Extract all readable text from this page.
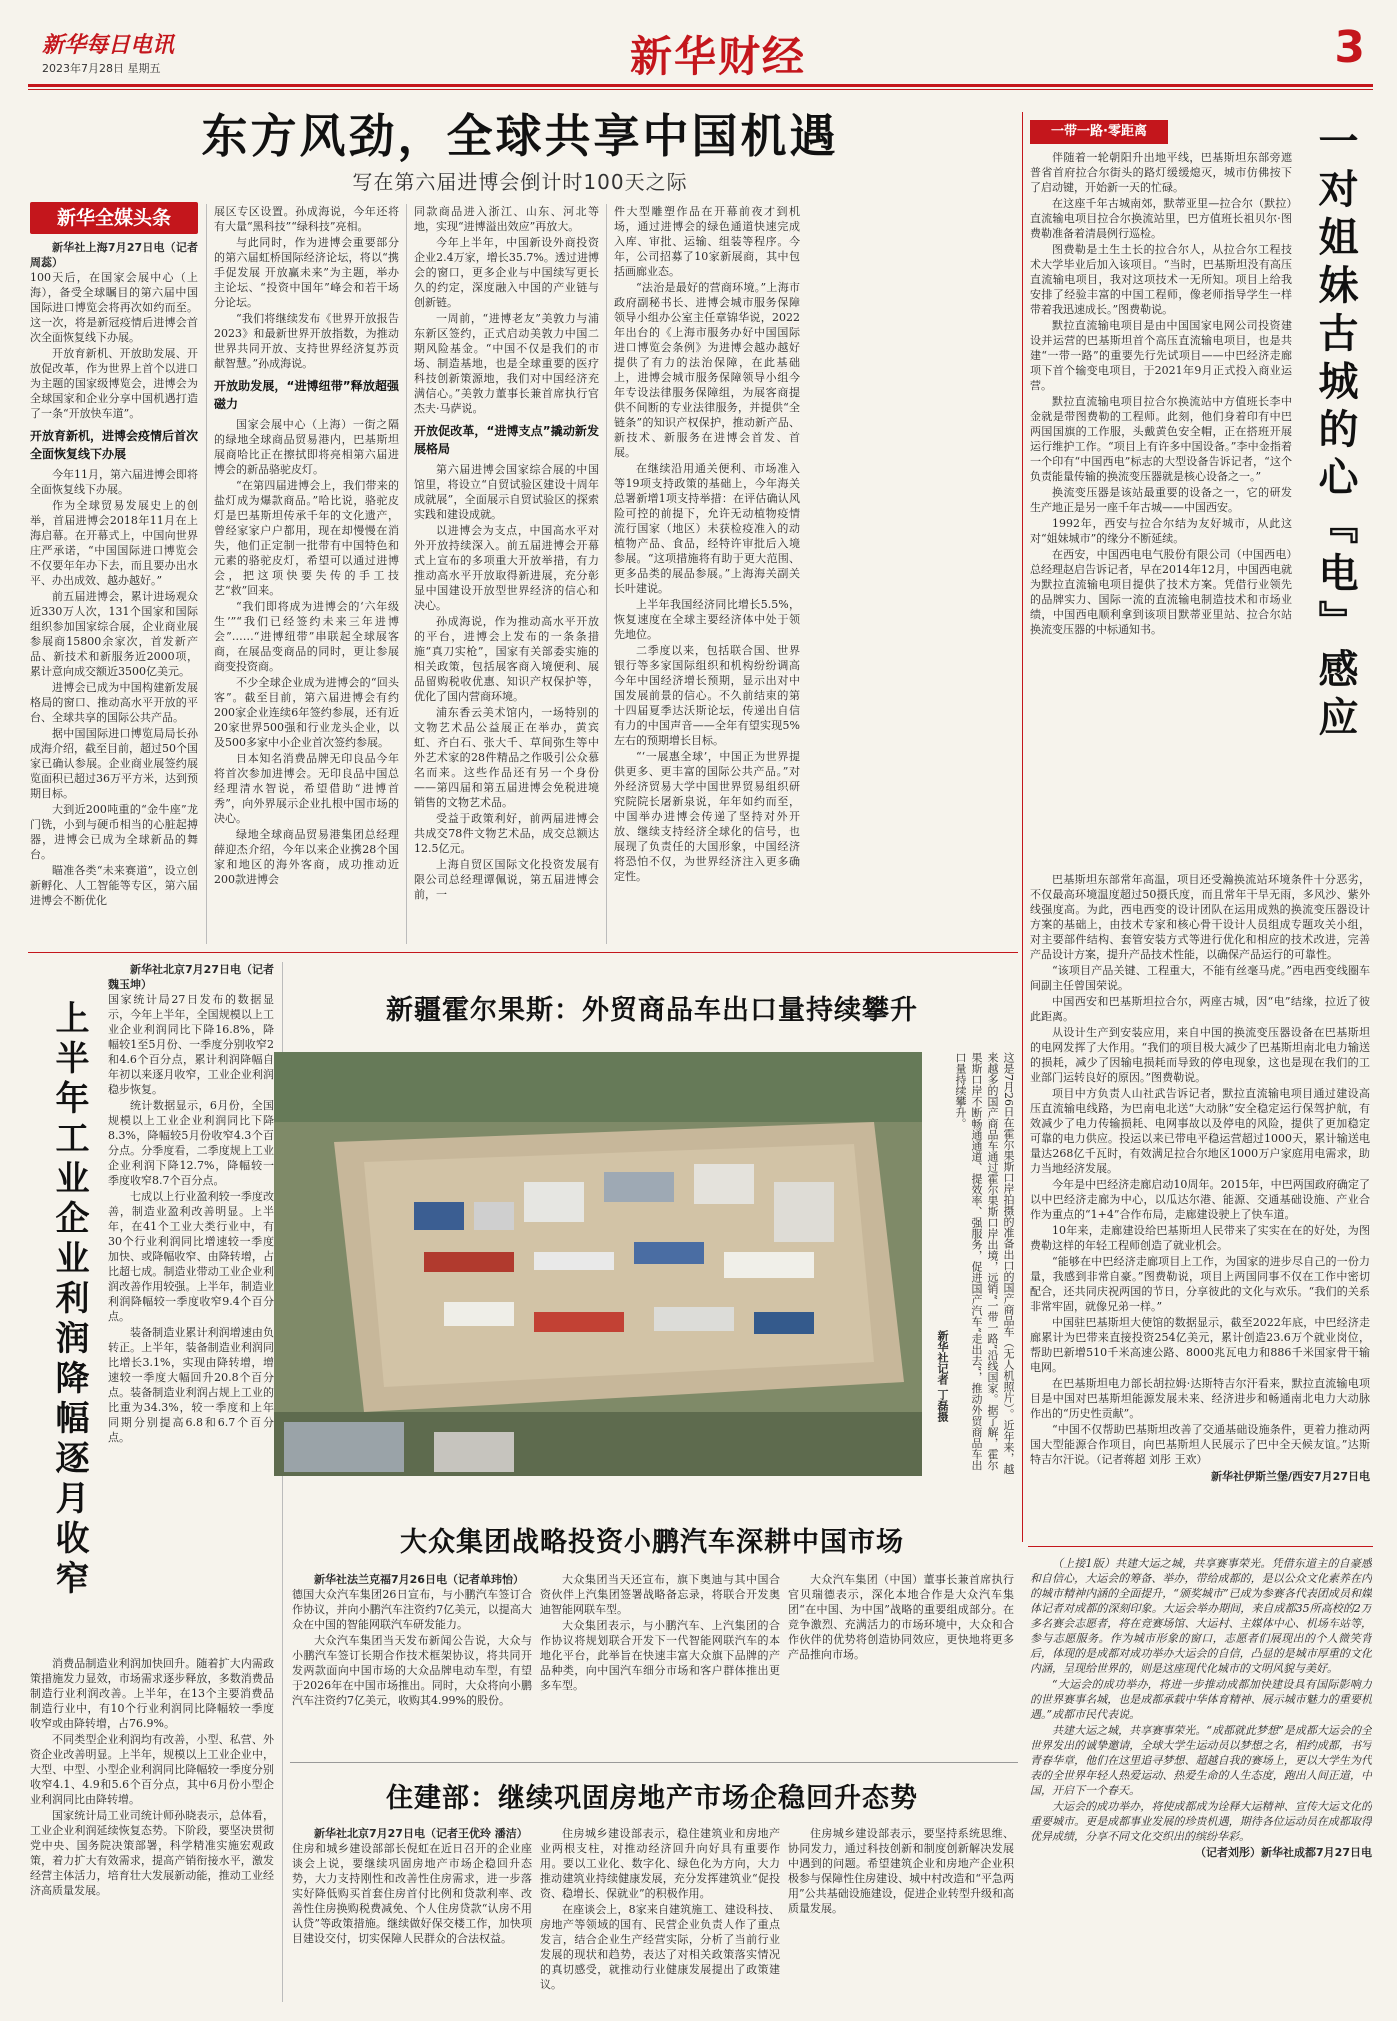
新华每日电讯
2023年7月28日 星期五	新华财经	3
东方风劲，全球共享中国机遇
写在第六届进博会倒计时100天之际
新华全媒头条
新华社上海7月27日电（记者周蕊）

100天后，在国家会展中心（上海），备受全球瞩目的第六届中国国际进口博览会将再次如约而至。这一次，将是新冠疫情后进博会首次全面恢复线下办展。

开放育新机、开放助发展、开放促改革，作为世界上首个以进口为主题的国家级博览会，进博会为全球国家和企业分享中国机遇打造了一条“开放快车道”。

开放育新机，进博会疫情后首次全面恢复线下办展

今年11月，第六届进博会即将全面恢复线下办展。

作为全球贸易发展史上的创举，首届进博会2018年11月在上海启幕。在开幕式上，中国向世界庄严承诺，“中国国际进口博览会不仅要年年办下去，而且要办出水平、办出成效、越办越好。”

前五届进博会，累计进场观众近330万人次，131个国家和国际组织参加国家综合展，企业商业展参展商15800余家次，首发新产品、新技术和新服务近2000项，累计意向成交额近3500亿美元。

进博会已成为中国构建新发展格局的窗口、推动高水平开放的平台、全球共享的国际公共产品。

据中国国际进口博览局局长孙成海介绍，截至目前，超过50个国家已确认参展。企业商业展签约展览面积已超过36万平方米，达到预期目标。

大到近200吨重的“金牛座”龙门铣，小到与硬币相当的心脏起搏器，进博会已成为全球新品的舞台。

瞄准各类“未来赛道”，设立创新孵化、人工智能等专区，第六届进博会不断优化

展区专区设置。孙成海说，今年还将有大量“黑科技”“绿科技”亮相。

与此同时，作为进博会重要部分的第六届虹桥国际经济论坛，将以“携手促发展 开放赢未来”为主题，举办主论坛、“投资中国年”峰会和若干场分论坛。

“我们将继续发布《世界开放报告2023》和最新世界开放指数，为推动世界共同开放、支持世界经济复苏贡献智慧。”孙成海说。

开放助发展，“进博纽带”释放超强磁力

国家会展中心（上海）一街之隔的绿地全球商品贸易港内，巴基斯坦展商哈比正在擦拭即将亮相第六届进博会的新品骆驼皮灯。

“在第四届进博会上，我们带来的盐灯成为爆款商品。”哈比说，骆驼皮灯是巴基斯坦传承千年的文化遗产，曾经家家户户都用，现在却慢慢在消失，他们正定制一批带有中国特色和元素的骆驼皮灯，希望可以通过进博会，把这项快要失传的手工技艺“救”回来。

“我们即将成为进博会的‘六年级生’”“我们已经签约未来三年进博会”……“进博纽带”串联起全球展客商，在展品变商品的同时，更让参展商变投资商。

不少全球企业成为进博会的“回头客”。截至目前，第六届进博会有约200家企业连续6年签约参展，还有近20家世界500强和行业龙头企业，以及500多家中小企业首次签约参展。

日本知名消费品牌无印良品今年将首次参加进博会。无印良品中国总经理清水智说，希望借助“进博首秀”，向外界展示企业扎根中国市场的决心。

绿地全球商品贸易港集团总经理薛迎杰介绍，今年以来企业携28个国家和地区的海外客商，成功推动近200款进博会

同款商品进入浙江、山东、河北等地，实现“进博溢出效应”再放大。

今年上半年，中国新设外商投资企业2.4万家，增长35.7%。透过进博会的窗口，更多企业与中国续写更长久的约定，深度融入中国的产业链与创新链。

一周前，“进博老友”美敦力与浦东新区签约，正式启动美敦力中国二期风险基金。“中国不仅是我们的市场、制造基地，也是全球重要的医疗科技创新策源地，我们对中国经济充满信心。”美敦力董事长兼首席执行官杰夫·马萨说。

开放促改革，“进博支点”撬动新发展格局

第六届进博会国家综合展的中国馆里，将设立“自贸试验区建设十周年成就展”，全面展示自贸试验区的探索实践和建设成就。

以进博会为支点，中国高水平对外开放持续深入。前五届进博会开幕式上宣布的多项重大开放举措，有力推动高水平开放取得新进展，充分彰显中国建设开放型世界经济的信心和决心。

孙成海说，作为推动高水平开放的平台，进博会上发布的一条条措施“真刀实枪”，国家有关部委实施的相关政策，包括展客商入境便利、展品留购税收优惠、知识产权保护等，优化了国内营商环境。

浦东香云美术馆内，一场特别的文物艺术品公益展正在举办，黄宾虹、齐白石、张大千、草间弥生等中外艺术家的28件精品之作吸引公众慕名而来。这些作品还有另一个身份——第四届和第五届进博会免税进境销售的文物艺术品。

受益于政策利好，前两届进博会共成交78件文物艺术品，成交总额达12.5亿元。

上海自贸区国际文化投资发展有限公司总经理谭佩说，第五届进博会前，一

件大型雕塑作品在开幕前夜才到机场，通过进博会的绿色通道快速完成入库、审批、运输、组装等程序。今年，公司招募了10家新展商，其中包括画廊业态。

“法治是最好的营商环境。”上海市政府副秘书长、进博会城市服务保障领导小组办公室主任章锦华说，2022年出台的《上海市服务办好中国国际进口博览会条例》为进博会越办越好提供了有力的法治保障，在此基础上，进博会城市服务保障领导小组今年专设法律服务保障组，为展客商提供不间断的专业法律服务，并提供“全链条”的知识产权保护，推动新产品、新技术、新服务在进博会首发、首展。

在继续沿用通关便利、市场准入等19项支持政策的基础上，今年海关总署新增1项支持举措：在评估确认风险可控的前提下，允许无动植物疫情流行国家（地区）未获检疫准入的动植物产品、食品，经特许审批后入境参展。“这项措施将有助于更大范围、更多品类的展品参展。”上海海关副关长叶建说。

上半年我国经济同比增长5.5%，恢复速度在全球主要经济体中处于领先地位。

二季度以来，包括联合国、世界银行等多家国际组织和机构纷纷调高今年中国经济增长预期，显示出对中国发展前景的信心。不久前结束的第十四届夏季达沃斯论坛，传递出自信有力的中国声音——全年有望实现5%左右的预期增长目标。

“‘一展惠全球’，中国正为世界提供更多、更丰富的国际公共产品。”对外经济贸易大学中国世界贸易组织研究院院长屠新泉说，年年如约而至，中国举办进博会传递了坚持对外开放、继续支持经济全球化的信号，也展现了负责任的大国形象，中国经济将恐怕不仅，为世界经济注入更多确定性。

一带一路·零距离	一对姐妹古城的心『电』感应

伴随着一轮朝阳升出地平线，巴基斯坦东部旁遮普省首府拉合尔街头的路灯缓缓熄灭，城市仿佛按下了启动键，开始新一天的忙碌。

在这座千年古城南郊，默蒂亚里—拉合尔（默拉）直流输电项目拉合尔换流站里，巴方值班长祖贝尔·图费勒准备着清晨例行巡检。

图费勒是土生土长的拉合尔人，从拉合尔工程技术大学毕业后加入该项目。“当时，巴基斯坦没有高压直流输电项目，我对这项技术一无所知。项目上给我安排了经验丰富的中国工程师，像老师指导学生一样带着我迅速成长。”图费勒说。

默拉直流输电项目是由中国国家电网公司投资建设并运营的巴基斯坦首个高压直流输电项目，也是共建“一带一路”的重要先行先试项目——中巴经济走廊项下首个输变电项目，于2021年9月正式投入商业运营。

默拉直流输电项目拉合尔换流站中方值班长李中金就是带图费勒的工程师。此刻，他们身着印有中巴两国国旗的工作服，头戴黄色安全帽，正在搭班开展运行维护工作。“项目上有许多中国设备。”李中金指着一个印有“中国西电”标志的大型设备告诉记者，“这个负责能量传输的换流变压器就是核心设备之一。”

换流变压器是该站最重要的设备之一，它的研发生产地正是另一座千年古城——中国西安。

1992年，西安与拉合尔结为友好城市，从此这对“姐妹城市”的缘分不断延续。

在西安，中国西电电气股份有限公司（中国西电）总经理赵启告诉记者，早在2014年12月，中国西电就为默拉直流输电项目提供了技术方案。凭借行业领先的品牌实力、国际一流的直流输电制造技术和市场业绩，中国西电顺利拿到该项目默蒂亚里站、拉合尔站换流变压器的中标通知书。

巴基斯坦东部常年高温，项目还受瀚换流站环境条件十分恶劣，不仅最高环境温度超过50摄氏度，而且常年干旱无雨，多风沙、紫外线强度高。为此，西电西变的设计团队在运用成熟的换流变压器设计方案的基础上，由技术专家和核心骨干设计人员组成专题攻关小组，对主要部件结构、套管安装方式等进行优化和相应的技术改进，完善产品设计方案，提升产品技术性能，以确保产品运行的可靠性。

“该项目产品关键、工程重大，不能有丝毫马虎。”西电西变线圈车间副主任曾国荣说。

中国西安和巴基斯坦拉合尔，两座古城，因“电”结缘，拉近了彼此距离。

从设计生产到安装应用，来自中国的换流变压器设备在巴基斯坦的电网发挥了大作用。“我们的项目极大减少了巴基斯坦南北电力输送的损耗，减少了因输电损耗而导致的停电现象，这也是现在我们的工业部门运转良好的原因。”图费勒说。

项目中方负责人山社武告诉记者，默拉直流输电项目通过建设高压直流输电线路，为巴南电北送“大动脉”安全稳定运行保驾护航，有效减少了电力传输损耗、电网事故以及停电的风险，提供了更加稳定可靠的电力供应。投运以来已带电平稳运营超过1000天，累计输送电量达268亿千瓦时，有效满足拉合尔地区1000万户家庭用电需求，助力当地经济发展。

今年是中巴经济走廊启动10周年。2015年，中巴两国政府确定了以中巴经济走廊为中心，以瓜达尔港、能源、交通基础设施、产业合作为重点的“1+4”合作布局，走廊建设驶上了快车道。

10年来，走廊建设给巴基斯坦人民带来了实实在在的好处，为图费勒这样的年轻工程师创造了就业机会。

“能够在中巴经济走廊项目上工作，为国家的进步尽自己的一份力量，我感到非常自豪。”图费勒说，项目上两国同事不仅在工作中密切配合，还共同庆祝两国的节日，分享彼此的文化与欢乐。“我们的关系非常牢固，就像兄弟一样。”

中国驻巴基斯坦大使馆的数据显示，截至2022年底，中巴经济走廊累计为巴带来直接投资254亿美元，累计创造23.6万个就业岗位，帮助巴新增510千米高速公路、8000兆瓦电力和886千米国家骨干输电网。

在巴基斯坦电力部长胡拉姆·达斯特吉尔汗看来，默拉直流输电项目是中国对巴基斯坦能源发展未来、经济进步和畅通南北电力大动脉作出的“历史性贡献”。

“中国不仅帮助巴基斯坦改善了交通基础设施条件，更着力推动两国大型能源合作项目，向巴基斯坦人民展示了巴中全天候友谊。”达斯特吉尔汗说。（记者蒋超 刘彤 王欢）

新华社伊斯兰堡/西安7月27日电
上半年工业企业利润降幅逐月收窄
新华社北京7月27日电（记者魏玉坤）

国家统计局27日发布的数据显示，今年上半年，全国规模以上工业企业利润同比下降16.8%，降幅较1至5月份、一季度分别收窄2和4.6个百分点，累计利润降幅自年初以来逐月收窄，工业企业利润稳步恢复。

统计数据显示，6月份，全国规模以上工业企业利润同比下降8.3%，降幅较5月份收窄4.3个百分点。分季度看，二季度规上工业企业利润下降12.7%，降幅较一季度收窄8.7个百分点。

七成以上行业盈利较一季度改善，制造业盈利改善明显。上半年，在41个工业大类行业中，有30个行业利润同比增速较一季度加快、或降幅收窄、由降转增，占比超七成。制造业带动工业企业利润改善作用较强。上半年，制造业利润降幅较一季度收窄9.4个百分点。

装备制造业累计利润增速由负转正。上半年，装备制造业利润同比增长3.1%，实现由降转增，增速较一季度大幅回升20.8个百分点。装备制造业利润占规上工业的比重为34.3%，较一季度和上年同期分别提高6.8和6.7个百分点。

消费品制造业利润加快回升。随着扩大内需政策措施发力显效，市场需求逐步释放，多数消费品制造行业利润改善。上半年，在13个主要消费品制造行业中，有10个行业利润同比降幅较一季度收窄或由降转增，占76.9%。

不同类型企业利润均有改善，小型、私营、外资企业改善明显。上半年，规模以上工业企业中，大型、中型、小型企业利润同比降幅较一季度分别收窄4.1、4.9和5.6个百分点，其中6月份小型企业利润同比由降转增。

国家统计局工业司统计师孙晓表示，总体看，工业企业利润延续恢复态势。下阶段，要坚决贯彻党中央、国务院决策部署，科学精准实施宏观政策，着力扩大有效需求，提高产销衔接水平，激发经营主体活力，培育壮大发展新动能，推动工业经济高质量发展。

新疆霍尔果斯：外贸商品车出口量持续攀升
这是7月26日在霍尔果斯口岸拍摄的准备出口的国产商品车（无人机照片）。近年来，越来越多的国产商品车通过霍尔果斯口岸出境，远销“一带一路”沿线国家。据了解，霍尔果斯口岸不断畅通通道、提效率、强服务，促进国产汽车“走出去”，推动外贸商品车出口量持续攀升。
新华社记者 丁磊摄
大众集团战略投资小鹏汽车深耕中国市场
新华社法兰克福7月26日电（记者单玮怡）

德国大众汽车集团26日宣布，与小鹏汽车签订合作协议，并向小鹏汽车注资约7亿美元，以提高大众在中国的智能网联汽车研发能力。

大众汽车集团当天发布新闻公告说，大众与小鹏汽车签订长期合作技术框架协议，将共同开发两款面向中国市场的大众品牌电动车型，有望于2026年在中国市场推出。同时，大众将向小鹏汽车注资约7亿美元，收购其4.99%的股份。

大众集团当天还宣布，旗下奥迪与其中国合资伙伴上汽集团签署战略备忘录，将联合开发奥迪智能网联车型。

大众集团表示，与小鹏汽车、上汽集团的合作协议将规划联合开发下一代智能网联汽车的本地化平台，此举旨在快速丰富大众旗下品牌的产品种类，向中国汽车细分市场和客户群体推出更多车型。

大众汽车集团（中国）董事长兼首席执行官贝瑞德表示，深化本地合作是大众汽车集团“在中国、为中国”战略的重要组成部分。在竞争激烈、充满活力的市场环境中，大众和合作伙伴的优势将创造协同效应，更快地将更多产品推向市场。

住建部：继续巩固房地产市场企稳回升态势
新华社北京7月27日电（记者王优玲 潘洁）

住房和城乡建设部部长倪虹在近日召开的企业座谈会上说，要继续巩固房地产市场企稳回升态势，大力支持刚性和改善性住房需求，进一步落实好降低购买首套住房首付比例和贷款利率、改善性住房换购税费减免、个人住房贷款“认房不用认贷”等政策措施。继续做好保交楼工作，加快项目建设交付，切实保障人民群众的合法权益。

住房城乡建设部表示，稳住建筑业和房地产业两根支柱，对推动经济回升向好具有重要作用。要以工业化、数字化、绿色化为方向，大力推动建筑业持续健康发展，充分发挥建筑业“促投资、稳增长、保就业”的积极作用。

在座谈会上，8家来自建筑施工、建设科技、房地产等领域的国有、民营企业负责人作了重点发言，结合企业生产经营实际，分析了当前行业发展的现状和趋势，表达了对相关政策落实情况的真切感受，就推动行业健康发展提出了政策建议。

住房城乡建设部表示，要坚持系统思维、协同发力，通过科技创新和制度创新解决发展中遇到的问题。希望建筑企业和房地产企业积极参与保障性住房建设、城中村改造和“平急两用”公共基础设施建设，促进企业转型升级和高质量发展。

（上接1版）共建大运之城，共享赛事荣光。凭借东道主的自豪感和自信心，大运会的筹备、举办，带给成都的，是以公众文化素养在内的城市精神内涵的全面提升，“颁奖城市”已成为参赛各代表团成员和媒体记者对成都的深刻印象。大运会举办期间，来自成都35所高校的2万多名赛会志愿者，将在竞赛场馆、大运村、主媒体中心、机场车站等，参与志愿服务。作为城市形象的窗口，志愿者们展现出的个人微笑背后，体现的是成都对成功举办大运会的自信，凸显的是城市厚重的文化内涵，呈现给世界的，则是这座现代化城市的文明风貌与美好。

“大运会的成功举办，将进一步推动成都加快建设具有国际影响力的世界赛事名城，也是成都承载中华体育精神、展示城市魅力的重要机遇。”成都市民代表说。

共建大运之城，共享赛事荣光。“成都就此梦想”是成都大运会的全世界发出的诚挚邀请，全球大学生运动员以梦想之名，相约成都，书写青春华章，他们在这里追寻梦想、超越自我的赛场上，更以大学生为代表的全世界年轻人热爱运动、热爱生命的人生态度，跑出人间正道，中国，开启下一个春天。

大运会的成功举办，将使成都成为诠释大运精神、宣传大运文化的重要城市。更是成都事业发展的珍贵机遇，期待各位运动员在成都取得优异成绩，分享不同文化交织出的缤纷华彩。

（记者刘彤）新华社成都7月27日电
